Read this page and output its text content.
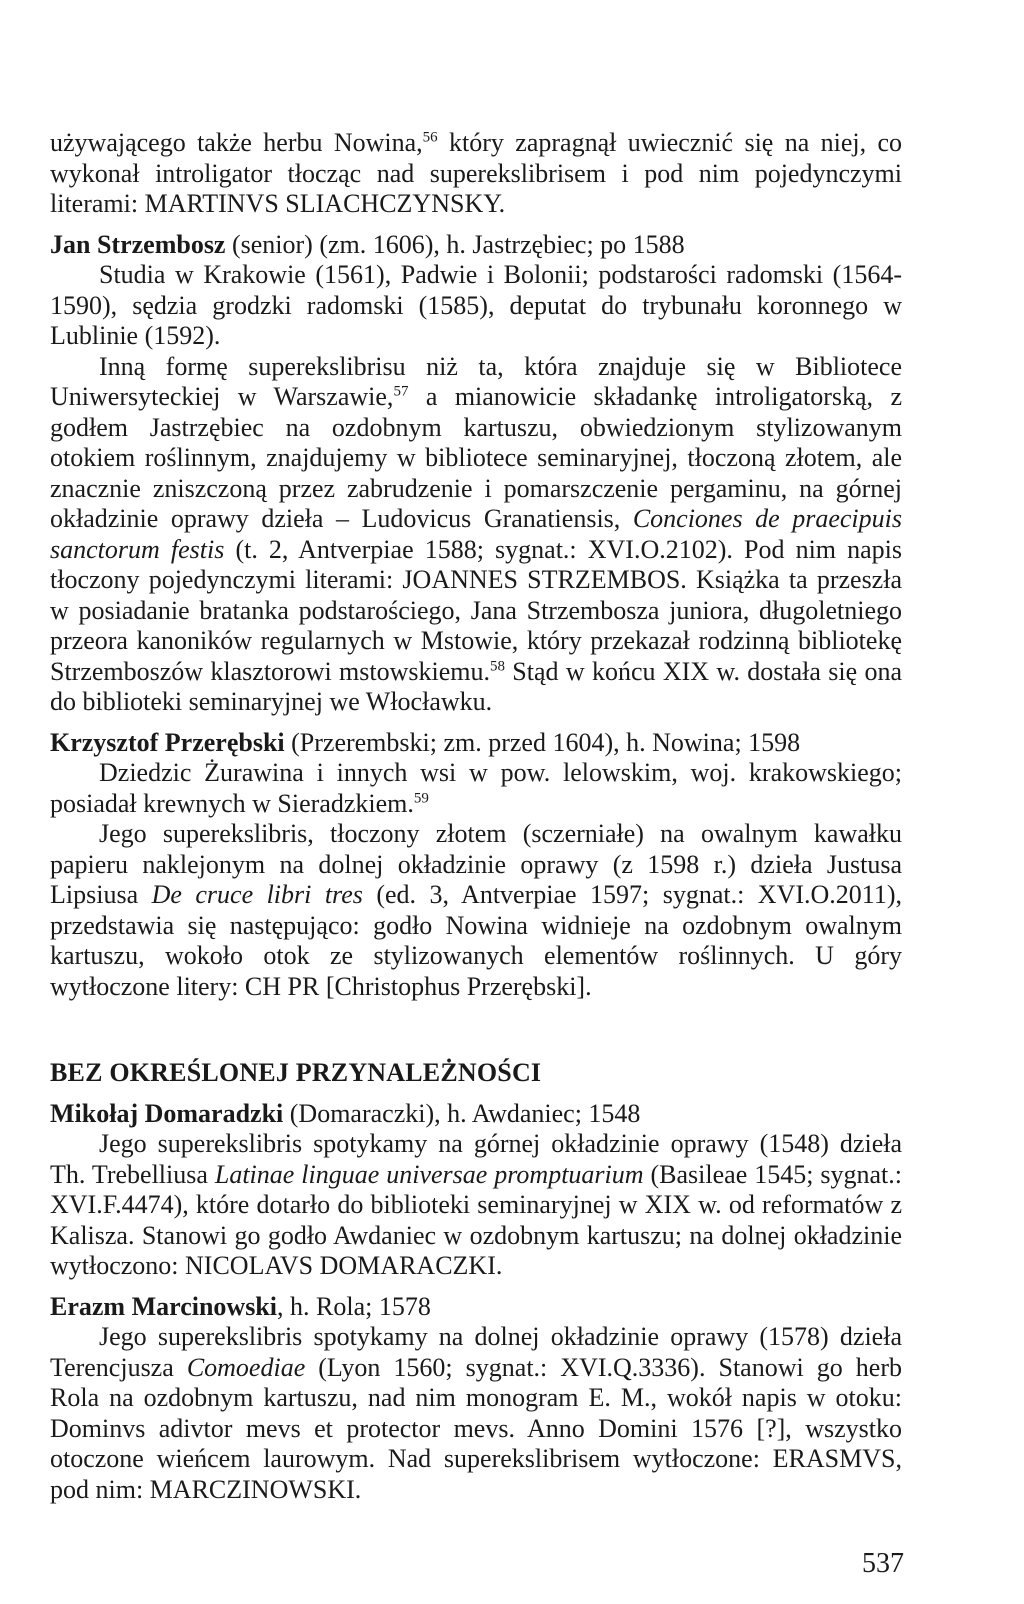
używającego także herbu Nowina,$^{56}$ który zapragnął uwiecznić się na niej, co wykonał introligator tłocząc nad superekslibrisem i pod nim pojedynczymi literami: MARTINVS SLIACHCZYNSKY.

Jan Strzembosz (senior) (zm. 1606), h. Jastrzębiec; po 1588

Studia w Krakowie (1561), Padwie i Bolonii; podstarości radomski (1564-1590), sędzia grodzki radomski (1585), deputat do trybunału koronnego w Lublinie (1592).

Inną formę superekslibrisu niż ta, która znajduje się w Bibliotece Uniwersyteckiej w Warszawie,$^{57}$ a mianowicie składankę introligatorską, z godłem Jastrzębiec na ozdobnym kartuszu, obwiedzionym stylizowanym otokiem roślinnym, znajdujemy w bibliotece seminaryjnej, tłoczoną złotem, ale znacznie zniszczoną przez zabrudzenie i pomarszczenie pergaminu, na górnej okładzinie oprawy dzieła – Ludovicus Granatiensis, Conciones de praecipuis sanctorum festis (t. 2, Antverpiae 1588; sygnat.: XVI.O.2102). Pod nim napis tłoczony pojedynczymi literami: JOANNES STRZEMBOS. Książka ta przeszła w posiadanie bratanka podstarościego, Jana Strzembosza juniora, długoletniego przeora kanoników regularnych w Mstowie, który przekazał rodzinną bibliotekę Strzemboszów klasztorowi mstowskiemu.$^{58}$ Stąd w końcu XIX w. dostała się ona do biblioteki seminaryjnej we Włocławku.

Krzysztof Przerębski (Przerembski; zm. przed 1604), h. Nowina; 1598

Dziedzic Żurawina i innych wsi w pow. lelowskim, woj. krakowskiego; posiadał krewnych w Sieradzkiem.$^{59}$

Jego superekslibris, tłoczony złotem (sczerniałe) na owalnym kawałku papieru naklejonym na dolnej okładzinie oprawy (z 1598 r.) dzieła Justusa Lipsiusa De cruce libri tres (ed. 3, Antverpiae 1597; sygnat.: XVI.O.2011), przedstawia się następująco: godło Nowina widnieje na ozdobnym owalnym kartuszu, wokoło otok ze stylizowanych elementów roślinnych. U góry wytłoczone litery: CH PR [Christophus Przerębski].

BEZ OKREŚLONEJ PRZYNALEŻNOŚCI

Mikołaj Domaradzki (Domaraczki), h. Awdaniec; 1548

Jego superekslibris spotykamy na górnej okładzinie oprawy (1548) dzieła Th. Trebelliusa Latinae linguae universae promptuarium (Basileae 1545; sygnat.: XVI.F.4474), które dotarło do biblioteki seminaryjnej w XIX w. od reformatów z Kalisza. Stanowi go godło Awdaniec w ozdobnym kartuszu; na dolnej okładzinie wytłoczono: NICOLAVS DOMARACZKI.

Erazm Marcinowski, h. Rola; 1578

Jego superekslibris spotykamy na dolnej okładzinie oprawy (1578) dzieła Terencjusza Comoediae (Lyon 1560; sygnat.: XVI.Q.3336). Stanowi go herb Rola na ozdobnym kartuszu, nad nim monogram E. M., wokół napis w otoku: Dominvs adivtor mevs et protector mevs. Anno Domini 1576 [?], wszystko otoczone wieńcem laurowym. Nad superekslibrisem wytłoczone: ERASMVS, pod nim: MARCZINOWSKI.

537
